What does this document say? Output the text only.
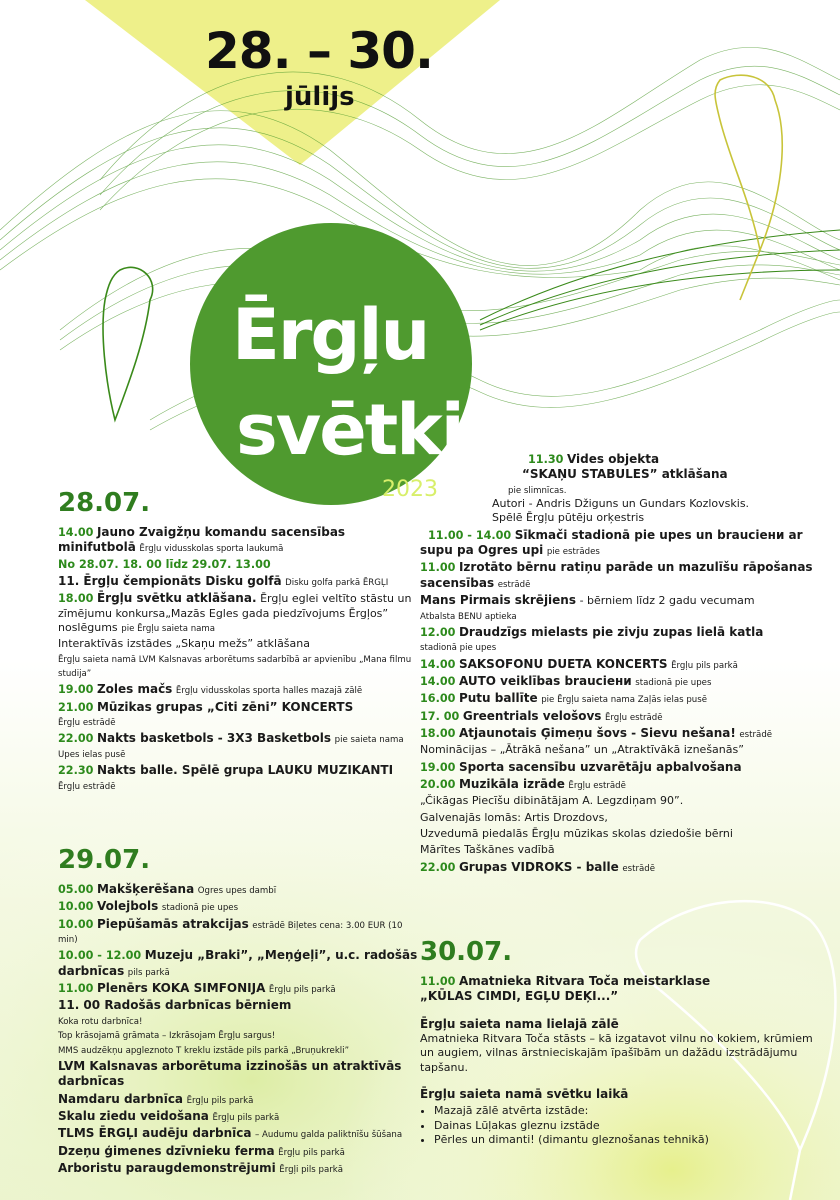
28. – 30.
jūlijs
Ērgļu
svētki
2023
28.07.
14.00 Jauno Zvaigžņu komandu sacensības minifutbolā Ērgļu vidusskolas sporta laukumā
No 28.07. 18. 00 līdz 29.07. 13.00
11. Ērgļu čempionāts Disku golfā Disku golfa parkā ĒRGĻI
18.00 Ērgļu svētku atklāšana. Ērgļu eglei veltīto stāstu un zīmējumu konkursa„Mazās Egles gada piedzīvojums Ērgļos” noslēgums pie Ērgļu saieta nama
Interaktīvās izstādes „Skaņu mežs” atklāšana
Ērgļu saieta namā LVM Kalsnavas arborētums sadarbībā ar apvienību „Mana filmu studija”
19.00 Zoles mačs Ērgļu vidusskolas sporta halles mazajā zālē
21.00 Mūzikas grupas „Citi zēni” KONCERTS
Ērgļu estrādē
22.00 Nakts basketbols - 3X3 Basketbols pie saieta nama Upes ielas pusē
22.30 Nakts balle. Spēlē grupa LAUKU MUZIKANTI
Ērgļu estrādē
11.30 Vides objekta
“SKAŅU STABULES” atklāšana
pie slimnīcas.
Autori - Andris Džiguns un Gundars Kozlovskis.
Spēlē Ērgļu pūtēju orķestris
11.00 - 14.00 Sīkmači stadionā pie upes un brauciени ar supu pa Ogres upi pie estrādes
11.00 Izrotāto bērnu ratiņu parāde un mazulīšu rāpošanas sacensības estrādē
Mans Pirmais skrējiens - bērniem līdz 2 gadu vecumam
Atbalsta BENU aptieka
12.00 Draudzīgs mielasts pie zivju zupas lielā katla
stadionā pie upes
14.00 SAKSOFONU DUETA KONCERTS Ērgļu pils parkā
14.00 AUTO veiklības brauciени stadionā pie upes
16.00 Putu ballīte pie Ērgļu saieta nama Zaļās ielas pusē
17. 00 Greentrials velošovs Ērgļu estrādē
18.00 Atjaunotais Ģimeņu šovs - Sievu nešana! estrādē
Nominācijas – „Ātrākā nešana” un „Atraktīvākā iznešanās”
19.00 Sporta sacensību uzvarētāju apbalvošana
20.00 Muzikāla izrāde Ērgļu estrādē
„Čikāgas Piecīšu dibinātājam A. Legzdiņam 90”.
Galvenajās lomās: Artis Drozdovs,
Uzvedumā piedalās Ērgļu mūzikas skolas dziedošie bērni
Mārītes Taškānes vadībā
22.00 Grupas VIDROKS - balle estrādē
29.07.
05.00 Makšķerēšana Ogres upes dambī
10.00 Volejbols stadionā pie upes
10.00 Piepūšamās atrakcijas estrādē Biļetes cena: 3.00 EUR (10 min)
10.00 - 12.00 Muzeju „Braki”, „Meņģeļi”, u.c. radošās darbnīcas pils parkā
11.00 Plenērs KOKA SIMFONIJA Ērgļu pils parkā
11. 00 Radošās darbnīcas bērniem
Koka rotu darbnīca!
Top krāsojamā grāmata – Izkrāsojam Ērgļu sargus!
MMS audzēkņu apgleznoto T kreklu izstāde pils parkā „Bruņukrekli”
LVM Kalsnavas arborētuma izzinošās un atraktīvās darbnīcas
Namdaru darbnīca Ērgļu pils parkā
Skalu ziedu veidošana Ērgļu pils parkā
TLMS ĒRGĻI audēju darbnīca – Audumu galda paliktnīšu šūšana
Dzeņu ģimenes dzīvnieku ferma Ērgļu pils parkā
Arboristu paraugdemonstrējumi Ērgļi pils parkā
30.07.
11.00 Amatnieka Ritvara Toča meistarklase
„KŪLAS CIMDI, EGĻU DEĶI...”
Ērgļu saieta nama lielajā zālē
Amatnieka Ritvara Toča stāsts – kā izgatavot vilnu no kokiem, krūmiem un augiem, vilnas ārstnieciskajām īpašībām un dažādu izstrādājumu tapšanu.
Ērgļu saieta namā svētku laikā
• Mazajā zālē atvērta izstāde:
• Dainas Lūļakas gleznu izstāde
• Pērles un dimanti! (dimantu gleznošanas tehnikā)
